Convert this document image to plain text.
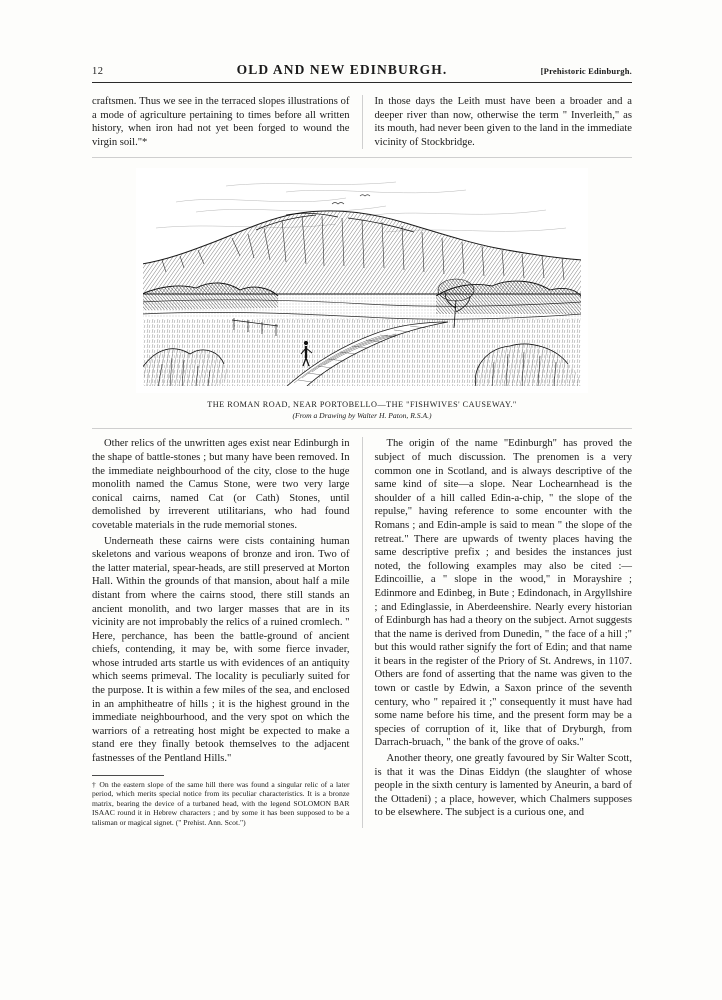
12	OLD AND NEW EDINBURGH.	[Prehistoric Edinburgh.

craftsmen. Thus we see in the terraced slopes illustrations of a mode of agriculture pertaining to times before all written history, when iron had not yet been forged to wound the virgin soil."*

In those days the Leith must have been a broader and a deeper river than now, otherwise the term " Inverleith," as its mouth, had never been given to the land in the immediate vicinity of Stockbridge.

THE ROMAN ROAD, NEAR PORTOBELLO—THE "FISHWIVES' CAUSEWAY."
(From a Drawing by Walter H. Paton, R.S.A.)

Other relics of the unwritten ages exist near Edinburgh in the shape of battle-stones ; but many have been removed. In the immediate neighbourhood of the city, close to the huge monolith named the Camus Stone, were two very large conical cairns, named Cat (or Cath) Stones, until demolished by irreverent utilitarians, who had found covetable materials in the rude memorial stones.

Underneath these cairns were cists containing human skeletons and various weapons of bronze and iron. Two of the latter material, spear-heads, are still preserved at Morton Hall. Within the grounds of that mansion, about half a mile distant from where the cairns stood, there still stands an ancient monolith, and two larger masses that are in its vicinity are not improbably the relics of a ruined cromlech. " Here, perchance, has been the battle-ground of ancient chiefs, contending, it may be, with some fierce invader, whose intruded arts startle us with evidences of an antiquity which seems primeval. The locality is peculiarly suited for the purpose. It is within a few miles of the sea, and enclosed in an amphitheatre of hills ; it is the highest ground in the immediate neighbourhood, and the very spot on which the warriors of a retreating host might be expected to make a stand ere they finally betook themselves to the adjacent fastnesses of the Pentland Hills."

† On the eastern slope of the same hill there was found a singular relic of a later period, which merits special notice from its peculiar characteristics. It is a bronze matrix, bearing the device of a turbaned head, with the legend SOLOMON BAR ISAAC round it in Hebrew characters ; and by some it has been supposed to be a talisman or magical signet. (" Prehist. Ann. Scot.")

The origin of the name "Edinburgh" has proved the subject of much discussion. The prenomen is a very common one in Scotland, and is always descriptive of the same kind of site—a slope. Near Lochearnhead is the shoulder of a hill called Edin-a-chip, " the slope of the repulse," having reference to some encounter with the Romans ; and Edin-ample is said to mean " the slope of the retreat." There are upwards of twenty places having the same descriptive prefix ; and besides the instances just noted, the following examples may also be cited :—Edincoillie, a " slope in the wood," in Morayshire ; Edinmore and Edinbeg, in Bute ; Edindonach, in Argyllshire ; and Edinglassie, in Aberdeenshire. Nearly every historian of Edinburgh has had a theory on the subject. Arnot suggests that the name is derived from Dunedin, " the face of a hill ;" but this would rather signify the fort of Edin; and that name it bears in the register of the Priory of St. Andrews, in 1107. Others are fond of asserting that the name was given to the town or castle by Edwin, a Saxon prince of the seventh century, who " repaired it ;" consequently it must have had some name before his time, and the present form may be a species of corruption of it, like that of Dryburgh, from Darrach-bruach, " the bank of the grove of oaks."

Another theory, one greatly favoured by Sir Walter Scott, is that it was the Dinas Eiddyn (the slaughter of whose people in the sixth century is lamented by Aneurin, a bard of the Ottadeni) ; a place, however, which Chalmers supposes to be elsewhere. The subject is a curious one, and
